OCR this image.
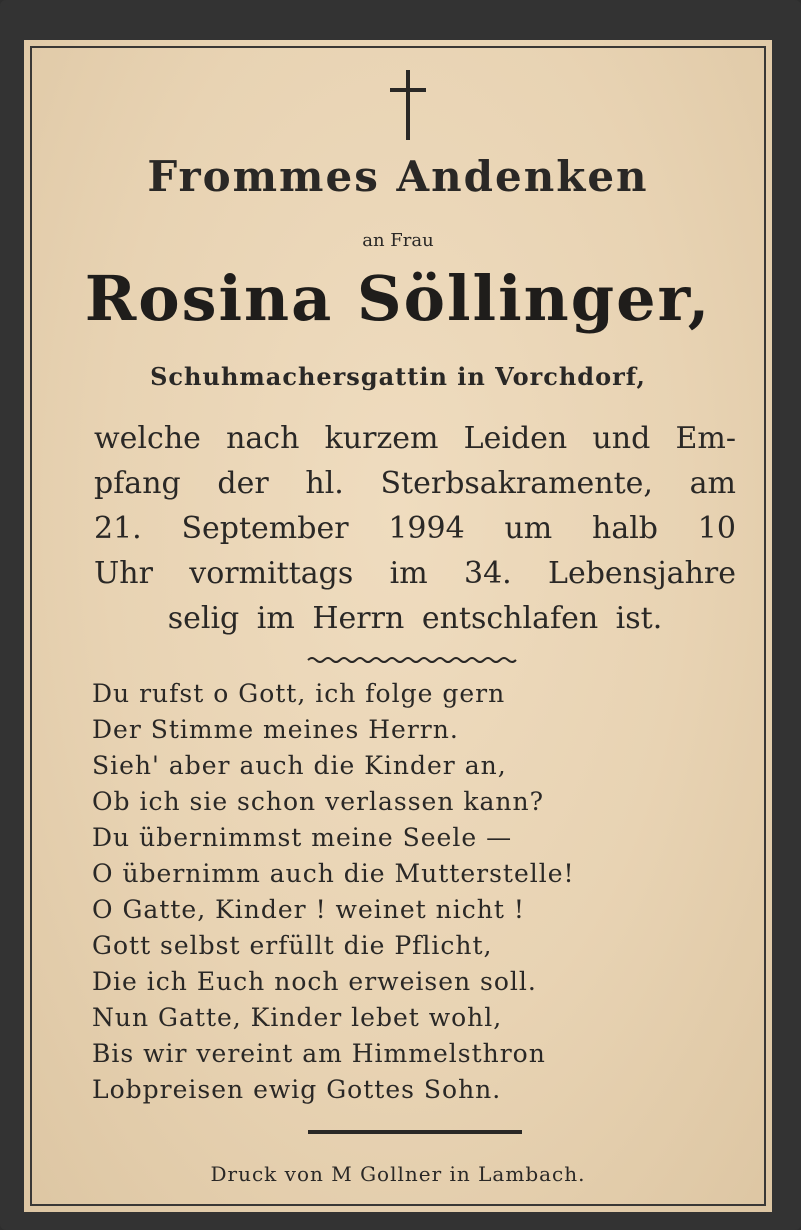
Frommes Andenken
an Frau
Rosina Söllinger,
Schuhmachersgattin in Vorchdorf,
welche nach kurzem Leiden und Em-
pfang der hl. Sterbsakramente, am
21. September 1994 um halb 10
Uhr vormittags im 34. Lebensjahre
selig im Herrn entschlafen ist.
Du rufst o Gott, ich folge gern
Der Stimme meines Herrn.
Sieh' aber auch die Kinder an,
Ob ich sie schon verlassen kann?
Du übernimmst meine Seele —
O übernimm auch die Mutterstelle!
O Gatte, Kinder ! weinet nicht !
Gott selbst erfüllt die Pflicht,
Die ich Euch noch erweisen soll.
Nun Gatte, Kinder lebet wohl,
Bis wir vereint am Himmelsthron
Lobpreisen ewig Gottes Sohn.
Druck von M Gollner in Lambach.
